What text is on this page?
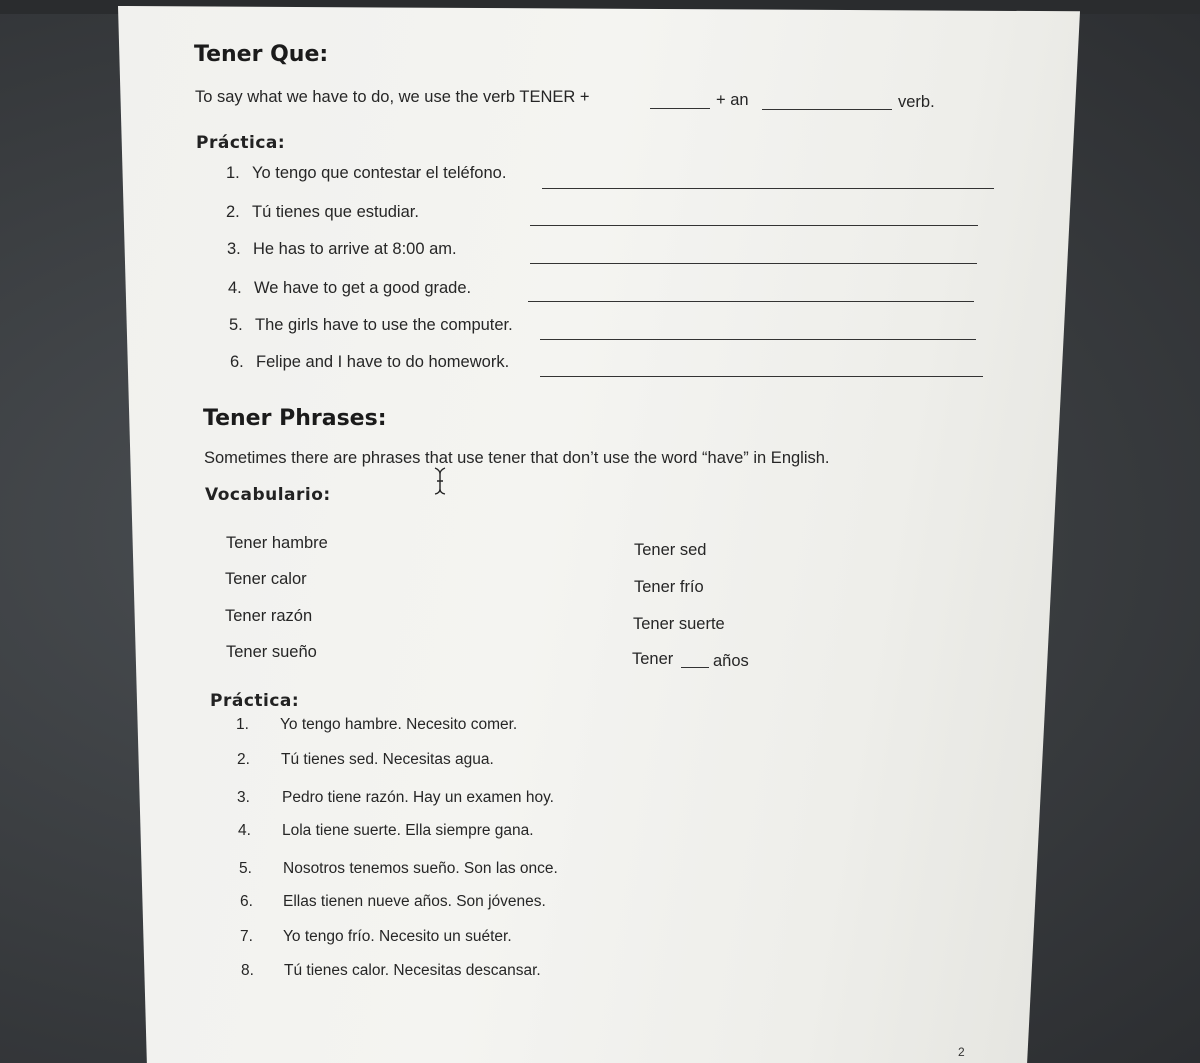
Tener Que:
To say what we have to do, we use the verb TENER +	+ an	verb.
Práctica:
1. Yo tengo que contestar el teléfono.
2. Tú tienes que estudiar.
3. He has to arrive at 8:00 am.
4. We have to get a good grade.
5. The girls have to use the computer.
6. Felipe and I have to do homework.
Tener Phrases:
Sometimes there are phrases that use tener that don’t use the word “have” in English.
Vocabulario:
Tener hambre
Tener calor
Tener razón
Tener sueño
Tener sed
Tener frío
Tener suerte
Tener años
Práctica:
1. Yo tengo hambre. Necesito comer.
2. Tú tienes sed. Necesitas agua.
3. Pedro tiene razón. Hay un examen hoy.
4. Lola tiene suerte. Ella siempre gana.
5. Nosotros tenemos sueño. Son las once.
6. Ellas tienen nueve años. Son jóvenes.
7. Yo tengo frío. Necesito un suéter.
8. Tú tienes calor. Necesitas descansar.
2
